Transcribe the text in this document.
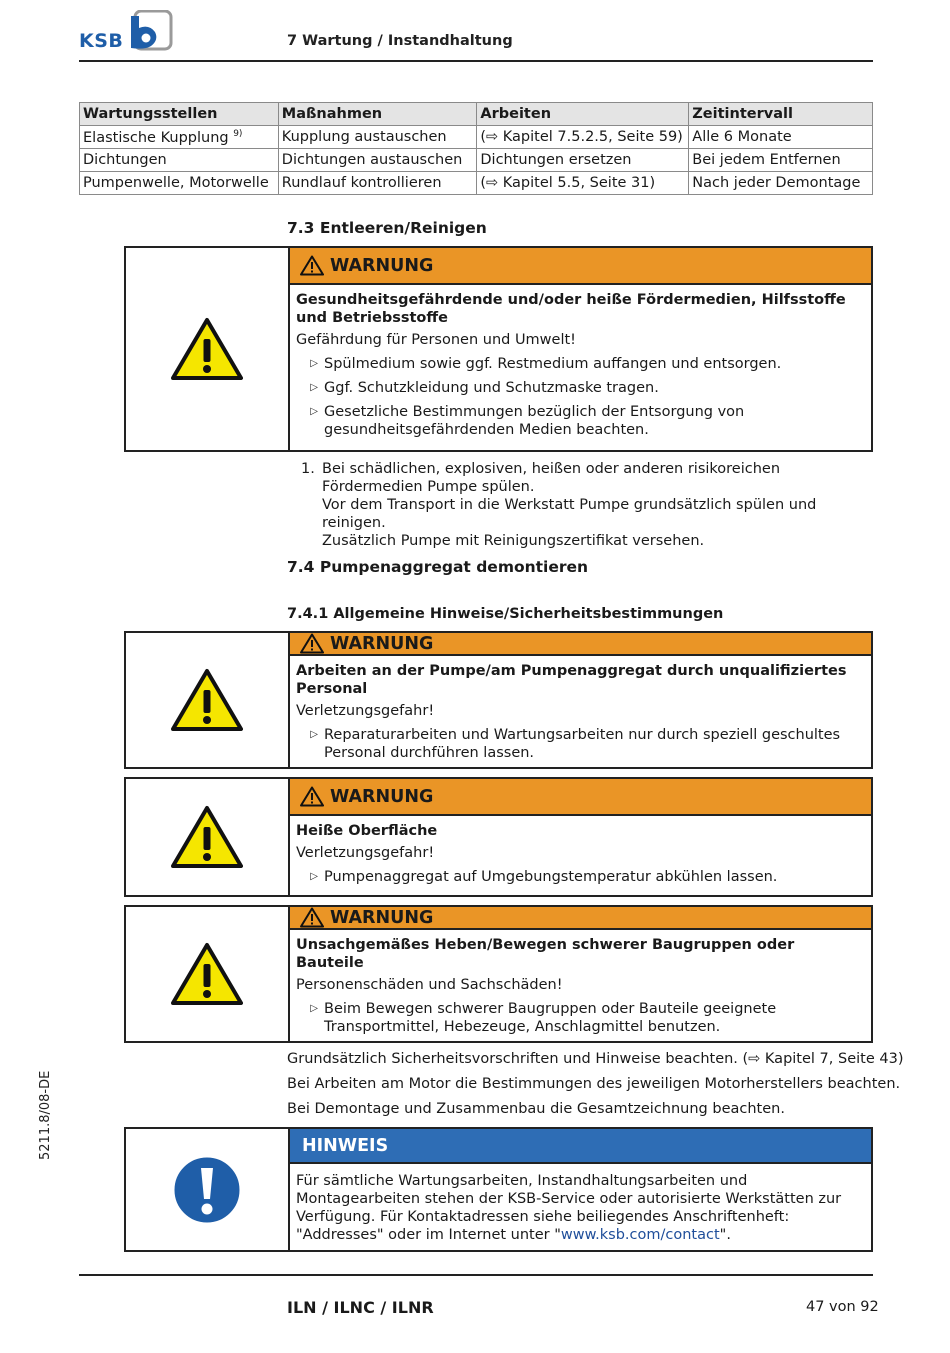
KSB	7 Wartung / Instandhaltung
Wartungsstellen	Maßnahmen	Arbeiten	Zeitintervall
Elastische Kupplung $^{9)}$	Kupplung austauschen	(⇨ Kapitel 7.5.2.5, Seite 59)	Alle 6 Monate
Dichtungen	Dichtungen austauschen	Dichtungen ersetzen	Bei jedem Entfernen
Pumpenwelle, Motorwelle	Rundlauf kontrollieren	(⇨ Kapitel 5.5, Seite 31)	Nach jeder Demontage
7.3 Entleeren/Reinigen
WARNUNG
Gesundheitsgefährdende und/oder heiße Fördermedien, Hilfsstoffe und Betriebsstoffe
Gefährdung für Personen und Umwelt!
▷ Spülmedium sowie ggf. Restmedium auffangen und entsorgen.
▷ Ggf. Schutzkleidung und Schutzmaske tragen.
▷ Gesetzliche Bestimmungen bezüglich der Entsorgung von gesundheitsgefährdenden Medien beachten.
1. Bei schädlichen, explosiven, heißen oder anderen risikoreichen Fördermedien Pumpe spülen.
Vor dem Transport in die Werkstatt Pumpe grundsätzlich spülen und reinigen.
Zusätzlich Pumpe mit Reinigungszertifikat versehen.
7.4 Pumpenaggregat demontieren
7.4.1 Allgemeine Hinweise/Sicherheitsbestimmungen
WARNUNG
Arbeiten an der Pumpe/am Pumpenaggregat durch unqualifiziertes Personal
Verletzungsgefahr!
▷ Reparaturarbeiten und Wartungsarbeiten nur durch speziell geschultes Personal durchführen lassen.
WARNUNG
Heiße Oberfläche
Verletzungsgefahr!
▷ Pumpenaggregat auf Umgebungstemperatur abkühlen lassen.
WARNUNG
Unsachgemäßes Heben/Bewegen schwerer Baugruppen oder Bauteile
Personenschäden und Sachschäden!
▷ Beim Bewegen schwerer Baugruppen oder Bauteile geeignete Transportmittel, Hebezeuge, Anschlagmittel benutzen.
Grundsätzlich Sicherheitsvorschriften und Hinweise beachten. (⇨ Kapitel 7, Seite 43)
Bei Arbeiten am Motor die Bestimmungen des jeweiligen Motorherstellers beachten.
Bei Demontage und Zusammenbau die Gesamtzeichnung beachten.
HINWEIS
Für sämtliche Wartungsarbeiten, Instandhaltungsarbeiten und Montagearbeiten stehen der KSB-Service oder autorisierte Werkstätten zur Verfügung. Für Kontaktadressen siehe beiliegendes Anschriftenheft: "Addresses" oder im Internet unter "www.ksb.com/contact".
5211.8/08-DE
ILN / ILNC / ILNR	47 von 92
